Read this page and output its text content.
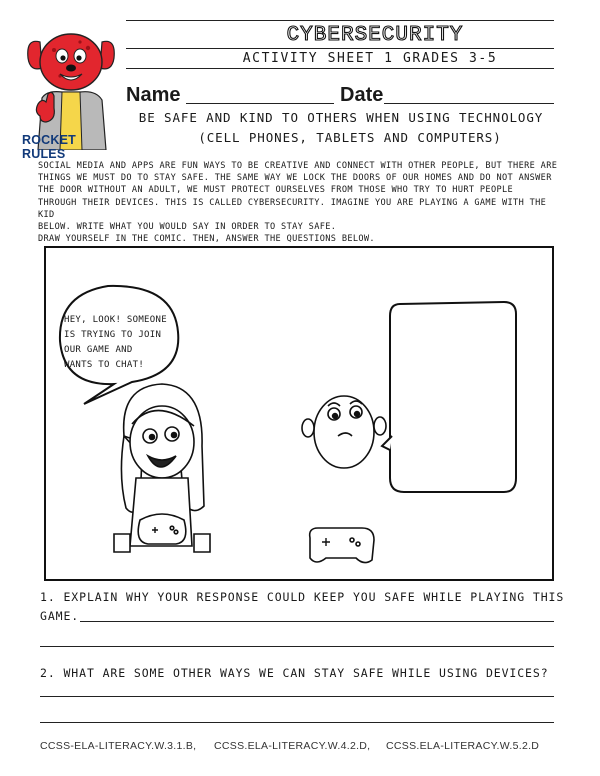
ROCKET RULES
CYBERSECURITY
ACTIVITY SHEET 1 GRADES 3-5
Name	Date
BE SAFE AND KIND TO OTHERS WHEN USING TECHNOLOGY
(CELL PHONES, TABLETS AND COMPUTERS)
SOCIAL MEDIA AND APPS ARE FUN WAYS TO BE CREATIVE AND CONNECT WITH OTHER PEOPLE, BUT THERE ARE
THINGS WE MUST DO TO STAY SAFE. THE SAME WAY WE LOCK THE DOORS OF OUR HOMES AND DO NOT ANSWER
THE DOOR WITHOUT AN ADULT, WE MUST PROTECT OURSELVES FROM THOSE WHO TRY TO HURT PEOPLE
THROUGH THEIR DEVICES. THIS IS CALLED CYBERSECURITY. IMAGINE YOU ARE PLAYING A GAME WITH THE KID
BELOW. WRITE WHAT YOU WOULD SAY IN ORDER TO STAY SAFE.
DRAW YOURSELF IN THE COMIC. THEN, ANSWER THE QUESTIONS BELOW.
HEY, LOOK! SOMEONE
IS TRYING TO JOIN
OUR GAME AND
WANTS TO CHAT!
1. EXPLAIN WHY YOUR RESPONSE COULD KEEP YOU SAFE WHILE PLAYING THIS
GAME.
2. WHAT ARE SOME OTHER WAYS WE CAN STAY SAFE WHILE USING DEVICES?
CCSS-ELA-LITERACY.W.3.1.B, CCSS.ELA-LITERACY.W.4.2.D, CCSS.ELA-LITERACY.W.5.2.D
